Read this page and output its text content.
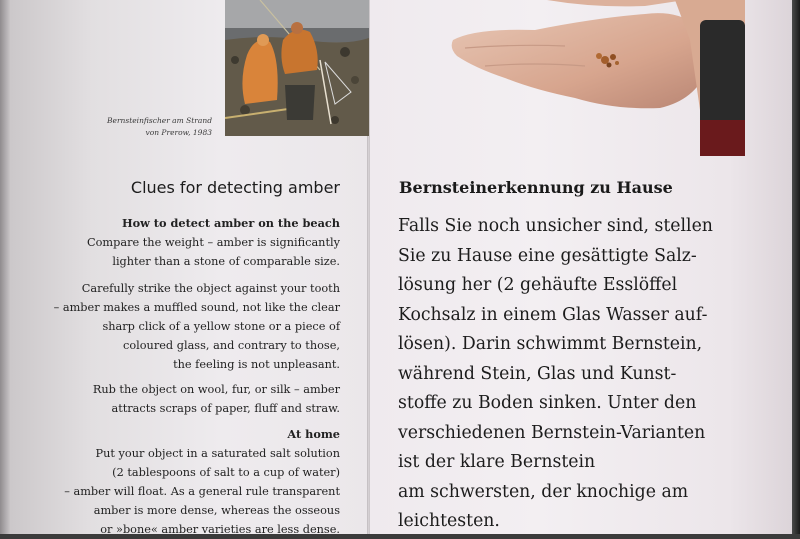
Bernsteinfischer am Strand
von Prerow, 1983
Clues for detecting amber
How to detect amber on the beach

Compare the weight – amber is significantly

lighter than a stone of comparable size.

Carefully strike the object against your tooth

– amber makes a muffled sound, not like the clear

sharp click of a yellow stone or a piece of

coloured glass, and contrary to those,

the feeling is not unpleasant.

Rub the object on wool, fur, or silk – amber

attracts scraps of paper, fluff and straw.

At home

Put your object in a saturated salt solution

(2 tablespoons of salt to a cup of water)

– amber will float. As a general rule transparent

amber is more dense, whereas the osseous

or »bone« amber varieties are less dense.

Bernsteinerkennung zu Hause
Falls Sie noch unsicher sind, stellen
Sie zu Hause eine gesättigte Salz-
lösung her (2 gehäufte Esslöffel
Kochsalz in einem Glas Wasser auf-
lösen). Darin schwimmt Bernstein,
während Stein, Glas und Kunst-
stoffe zu Boden sinken. Unter den
verschiedenen Bernstein-Varianten
ist der klare Bernstein
am schwersten, der knochige am
leichtesten.
